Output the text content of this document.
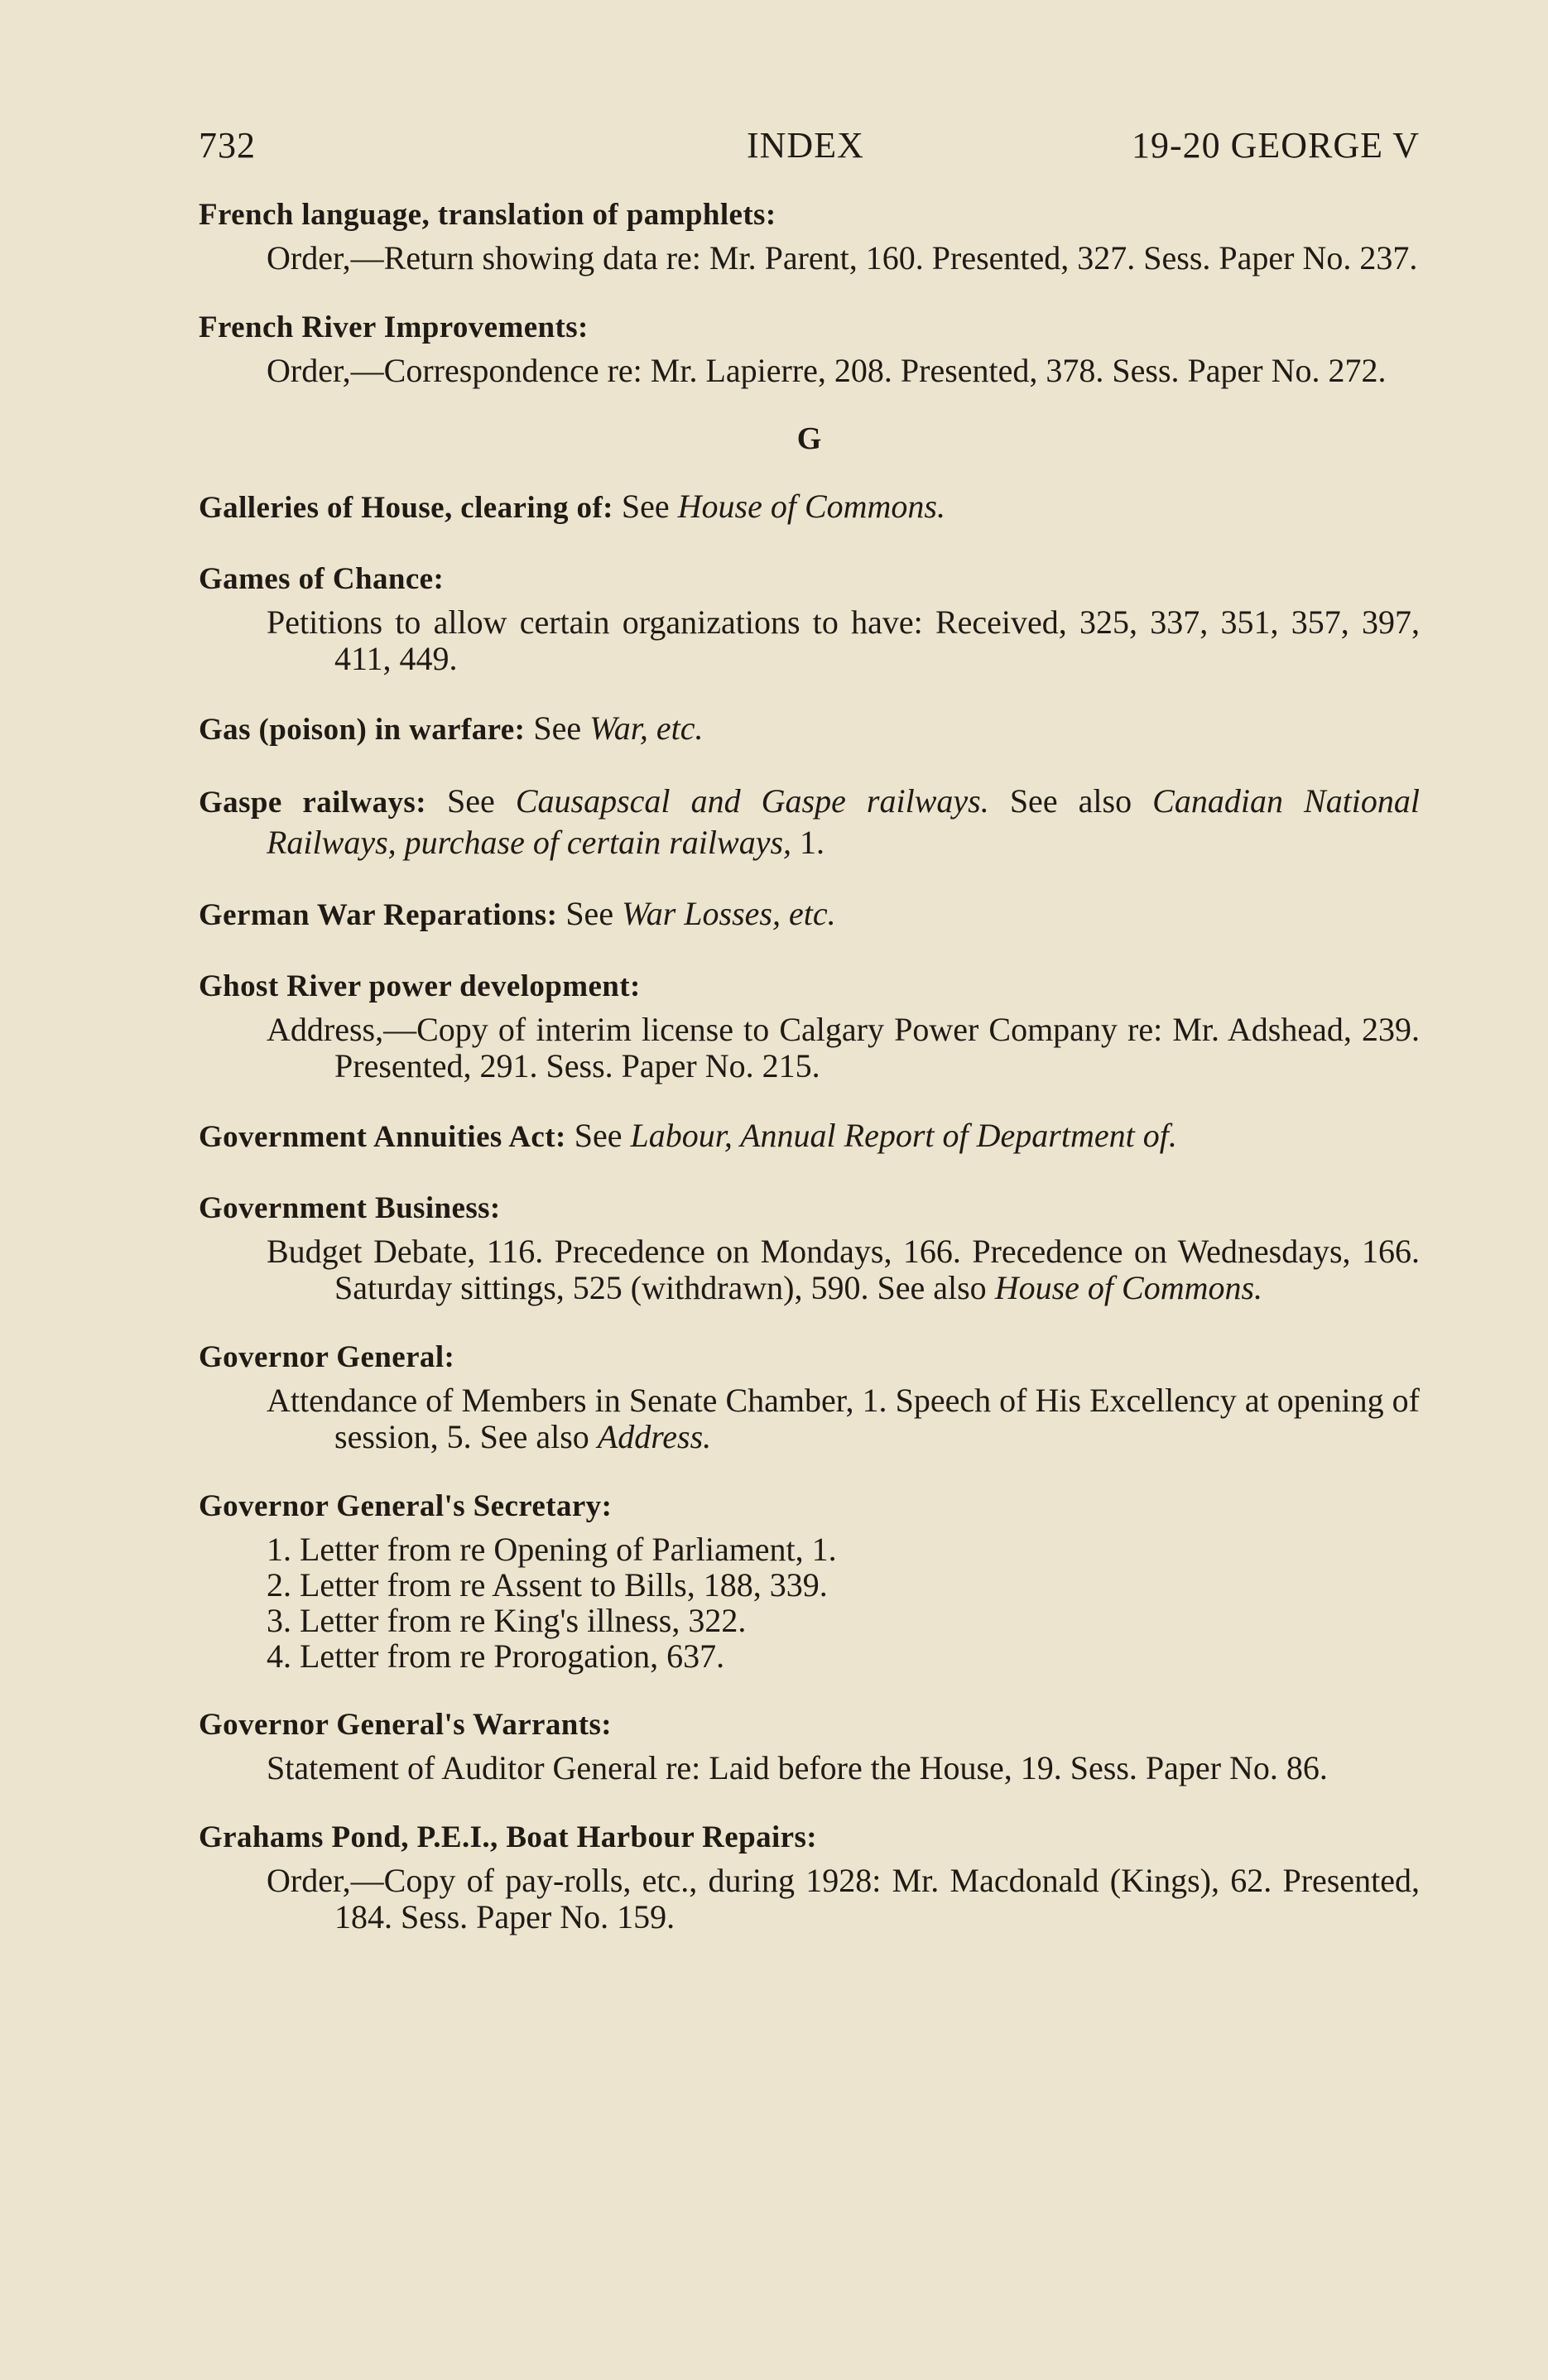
732	INDEX	19-20 GEORGE V
French language, translation of pamphlets:
Order,—Return showing data re: Mr. Parent, 160. Presented, 327. Sess. Paper No. 237.
French River Improvements:
Order,—Correspondence re: Mr. Lapierre, 208. Presented, 378. Sess. Paper No. 272.
G
Galleries of House, clearing of: See House of Commons.
Games of Chance:
Petitions to allow certain organizations to have: Received, 325, 337, 351, 357, 397, 411, 449.
Gas (poison) in warfare: See War, etc.
Gaspe railways: See Causapscal and Gaspe railways. See also Canadian National Railways, purchase of certain railways, 1.
German War Reparations: See War Losses, etc.
Ghost River power development:
Address,—Copy of interim license to Calgary Power Company re: Mr. Adshead, 239. Presented, 291. Sess. Paper No. 215.
Government Annuities Act: See Labour, Annual Report of Department of.
Government Business:
Budget Debate, 116. Precedence on Mondays, 166. Precedence on Wednesdays, 166. Saturday sittings, 525 (withdrawn), 590. See also House of Commons.
Governor General:
Attendance of Members in Senate Chamber, 1. Speech of His Excellency at opening of session, 5. See also Address.
Governor General's Secretary:
1. Letter from re Opening of Parliament, 1.
2. Letter from re Assent to Bills, 188, 339.
3. Letter from re King's illness, 322.
4. Letter from re Prorogation, 637.
Governor General's Warrants:
Statement of Auditor General re: Laid before the House, 19. Sess. Paper No. 86.
Grahams Pond, P.E.I., Boat Harbour Repairs:
Order,—Copy of pay-rolls, etc., during 1928: Mr. Macdonald (Kings), 62. Presented, 184. Sess. Paper No. 159.
